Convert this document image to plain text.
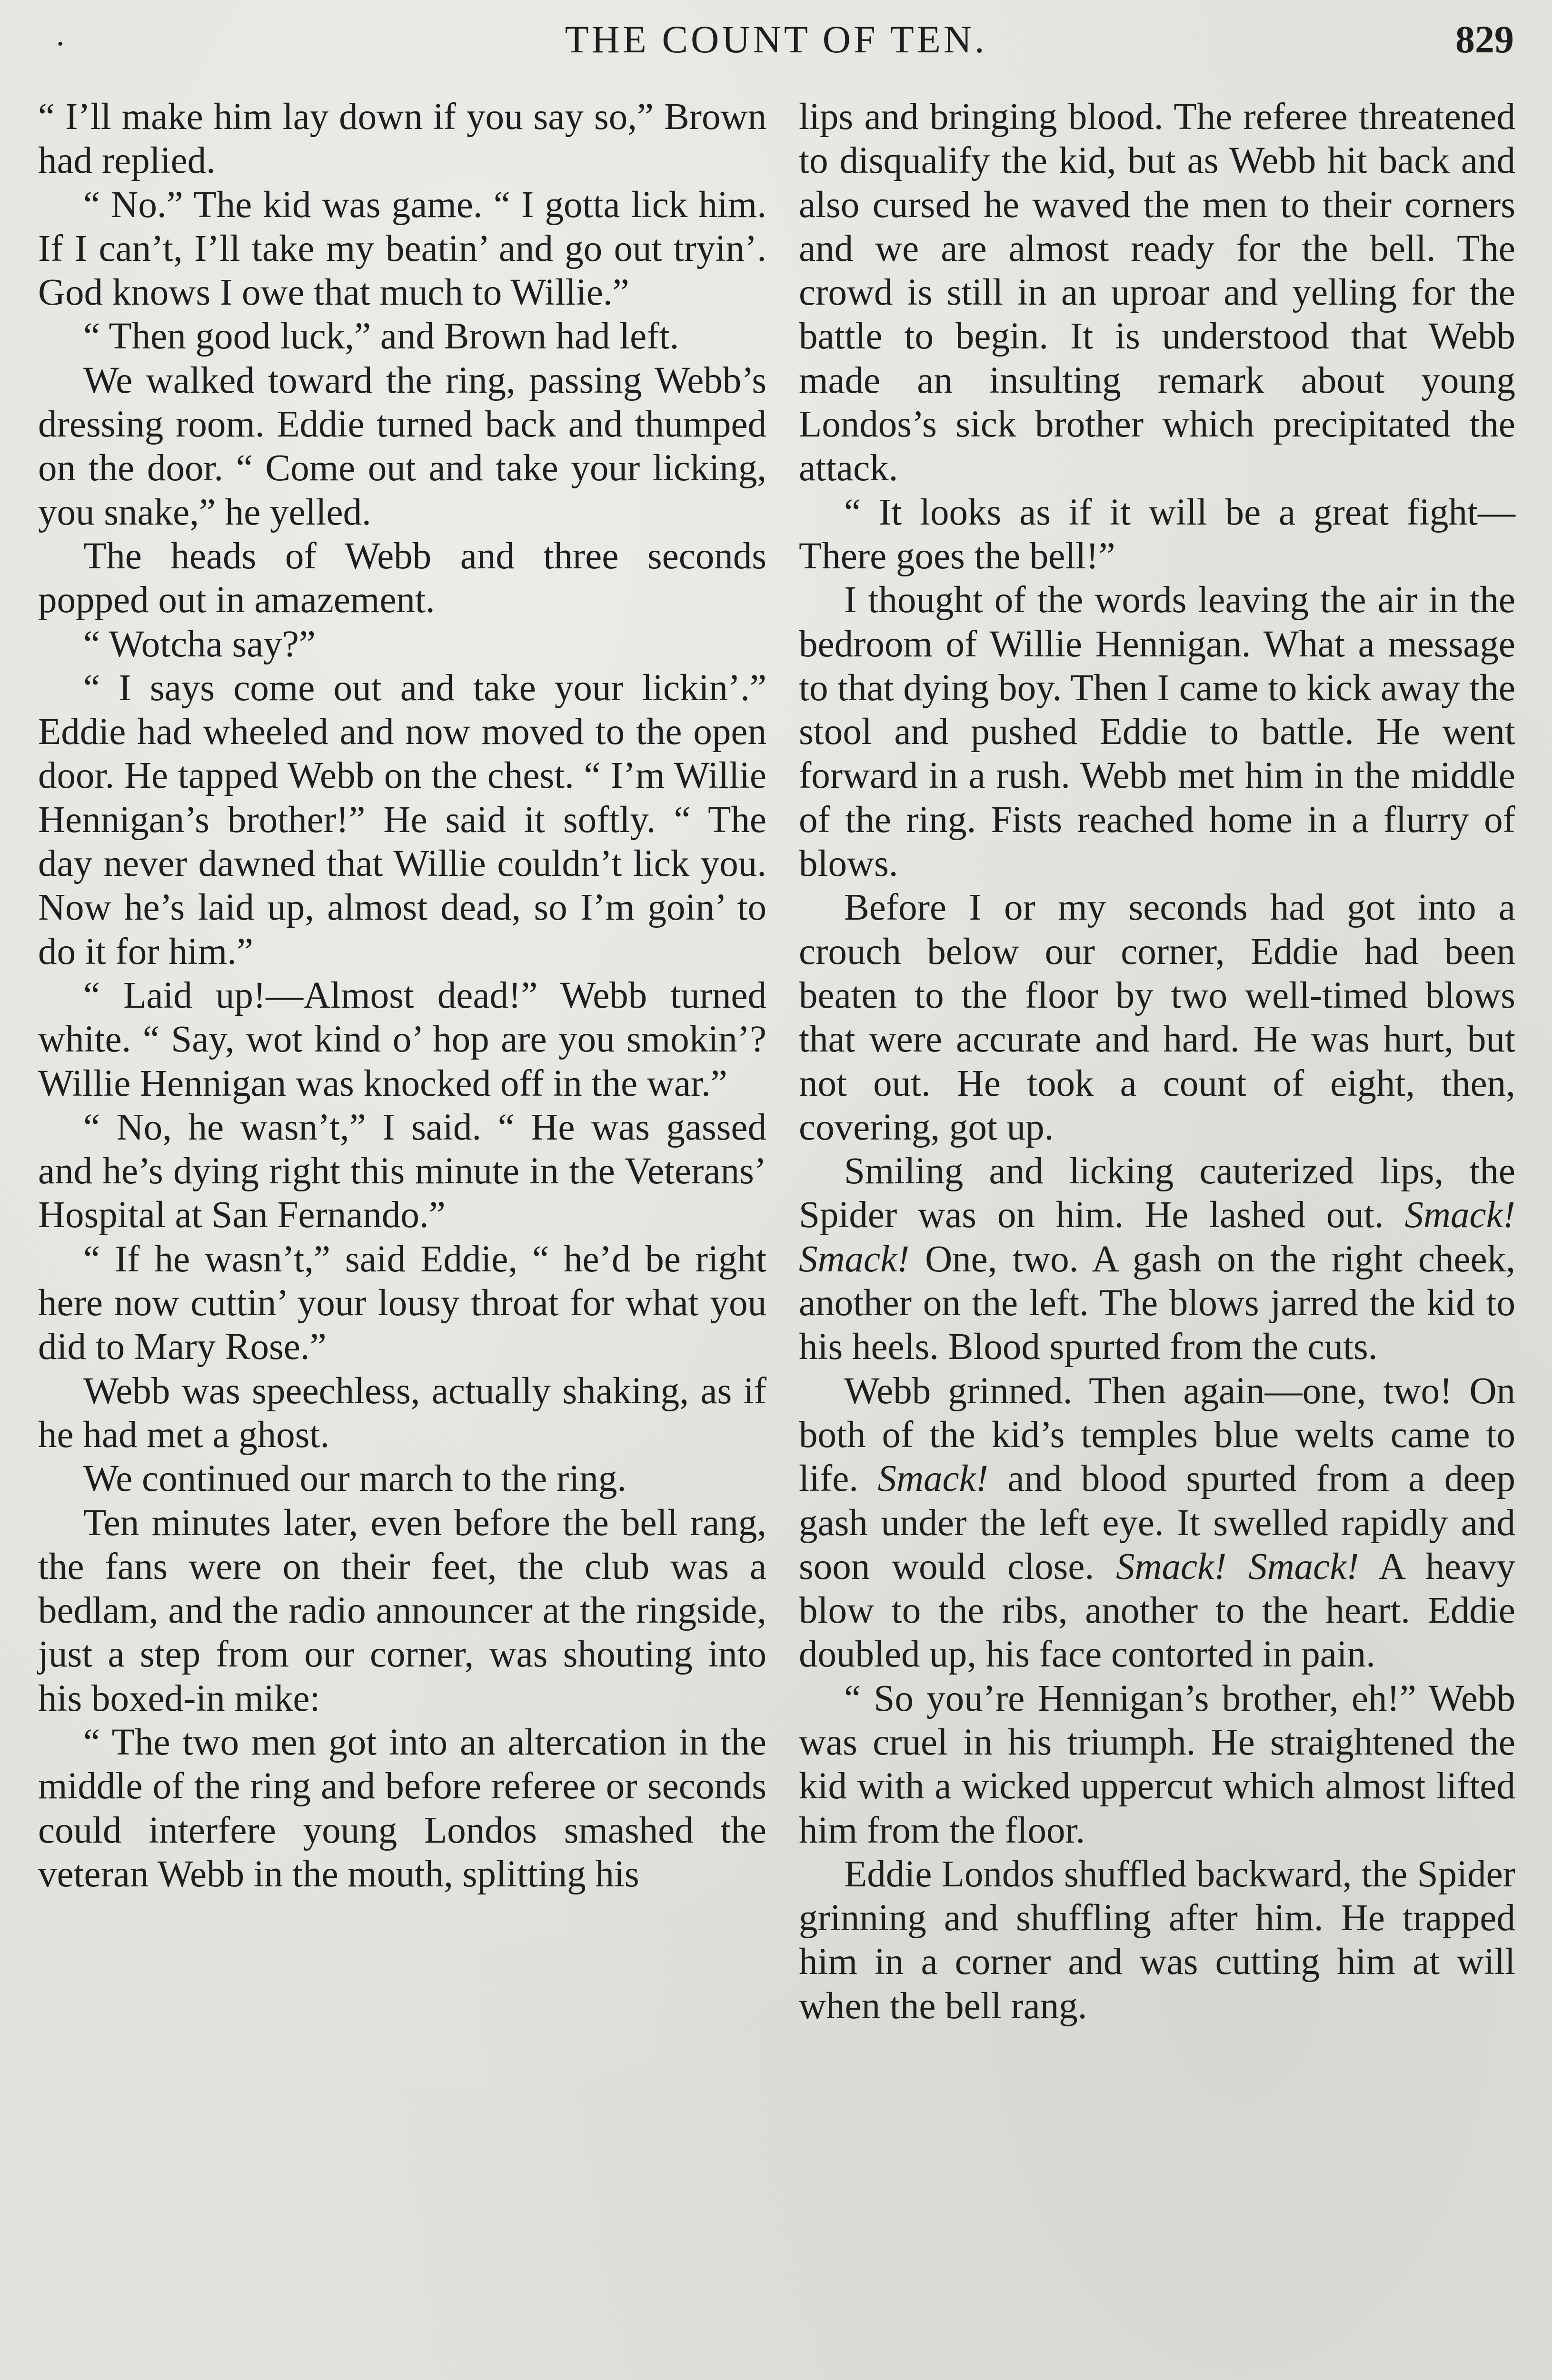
·	THE COUNT OF TEN.	829

“ I’ll make him lay down if you say so,” Brown had replied.

“ No.” The kid was game. “ I gotta lick him. If I can’t, I’ll take my beatin’ and go out tryin’. God knows I owe that much to Willie.”

“ Then good luck,” and Brown had left.

We walked toward the ring, passing Webb’s dressing room. Eddie turned back and thumped on the door. “ Come out and take your licking, you snake,” he yelled.

The heads of Webb and three seconds popped out in amazement.

“ Wotcha say?”

“ I says come out and take your lickin’.” Eddie had wheeled and now moved to the open door. He tapped Webb on the chest. “ I’m Willie Hennigan’s brother!” He said it softly. “ The day never dawned that Willie couldn’t lick you. Now he’s laid up, almost dead, so I’m goin’ to do it for him.”

“ Laid up!—Almost dead!” Webb turned white. “ Say, wot kind o’ hop are you smokin’? Willie Hennigan was knocked off in the war.”

“ No, he wasn’t,” I said. “ He was gassed and he’s dying right this minute in the Veterans’ Hospital at San Fernando.”

“ If he wasn’t,” said Eddie, “ he’d be right here now cuttin’ your lousy throat for what you did to Mary Rose.”

Webb was speechless, actually shaking, as if he had met a ghost.

We continued our march to the ring.

Ten minutes later, even before the bell rang, the fans were on their feet, the club was a bedlam, and the radio announcer at the ringside, just a step from our corner, was shouting into his boxed-in mike:

“ The two men got into an altercation in the middle of the ring and before referee or seconds could interfere young Londos smashed the veteran Webb in the mouth, splitting his

lips and bringing blood. The referee threatened to disqualify the kid, but as Webb hit back and also cursed he waved the men to their corners and we are almost ready for the bell. The crowd is still in an uproar and yelling for the battle to begin. It is understood that Webb made an insulting remark about young Londos’s sick brother which precipitated the attack.

“ It looks as if it will be a great fight— There goes the bell!”

I thought of the words leaving the air in the bedroom of Willie Hennigan. What a message to that dying boy. Then I came to kick away the stool and pushed Eddie to battle. He went forward in a rush. Webb met him in the middle of the ring. Fists reached home in a flurry of blows.

Before I or my seconds had got into a crouch below our corner, Eddie had been beaten to the floor by two well-timed blows that were accurate and hard. He was hurt, but not out. He took a count of eight, then, covering, got up.

Smiling and licking cauterized lips, the Spider was on him. He lashed out. Smack! Smack! One, two. A gash on the right cheek, another on the left. The blows jarred the kid to his heels. Blood spurted from the cuts.

Webb grinned. Then again—one, two! On both of the kid’s temples blue welts came to life. Smack! and blood spurted from a deep gash under the left eye. It swelled rapidly and soon would close. Smack! Smack! A heavy blow to the ribs, another to the heart. Eddie doubled up, his face contorted in pain.

“ So you’re Hennigan’s brother, eh!” Webb was cruel in his triumph. He straightened the kid with a wicked uppercut which almost lifted him from the floor.

Eddie Londos shuffled backward, the Spider grinning and shuffling after him. He trapped him in a corner and was cutting him at will when the bell rang.
